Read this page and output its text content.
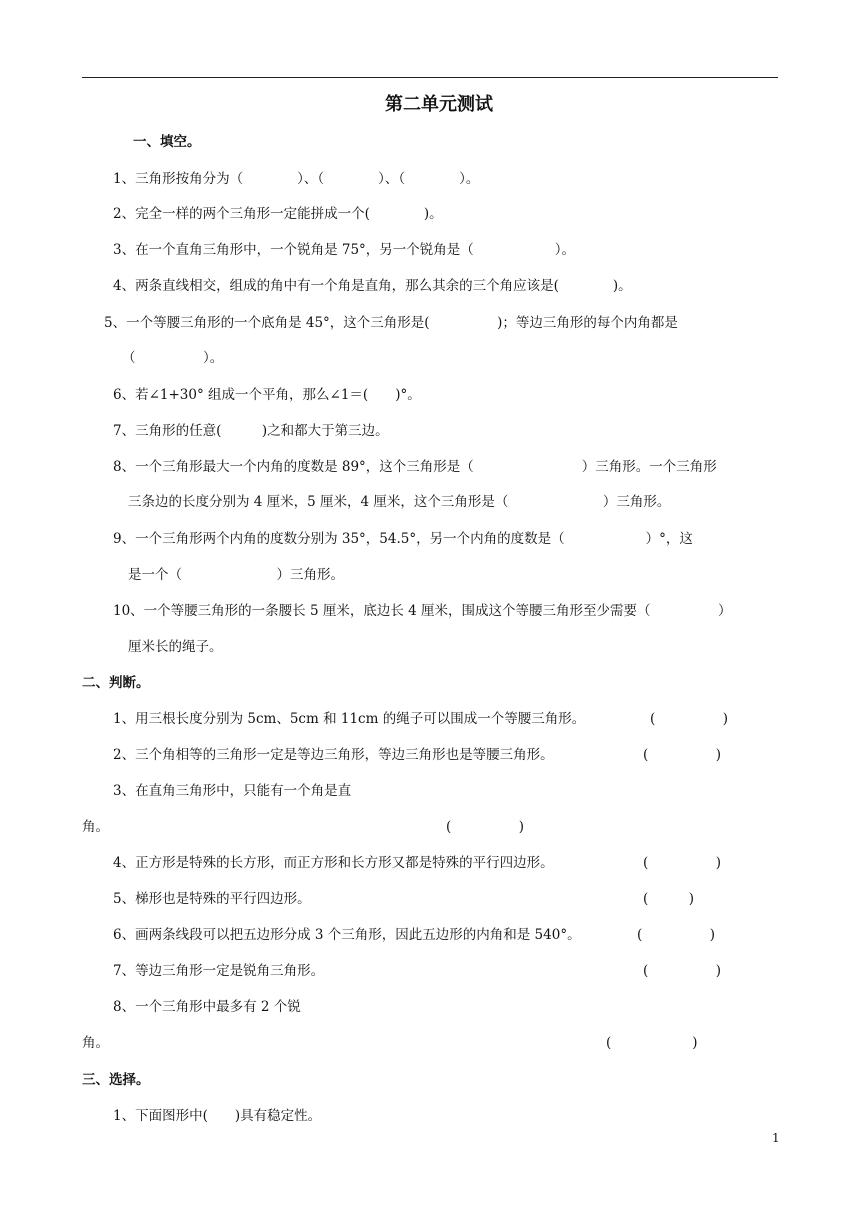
第二单元测试
一、填空。
1、三角形按角分为（　　　　）、（　　　　）、（　　　　）。
2、完全一样的两个三角形一定能拼成一个(　　　　)。
3、在一个直角三角形中，一个锐角是 75°，另一个锐角是（　　　　　　）。
4、两条直线相交，组成的角中有一个角是直角，那么其余的三个角应该是(　　　　)。
5、一个等腰三角形的一个底角是 45°，这个三角形是(　　　　　)；等边三角形的每个内角都是
（　　　　　）。
6、若∠1+30° 组成一个平角，那么∠1＝(　　)°。
7、三角形的任意(　　　)之和都大于第三边。
8、一个三角形最大一个内角的度数是 89°，这个三角形是（　　　　　　　　）三角形。一个三角形
三条边的长度分别为 4 厘米，5 厘米，4 厘米，这个三角形是（　　　　　　　）三角形。
9、一个三角形两个内角的度数分别为 35°，54.5°，另一个内角的度数是（　　　　　　）°，这
是一个（　　　　　　　）三角形。
10、一个等腰三角形的一条腰长 5 厘米，底边长 4 厘米，围成这个等腰三角形至少需要（　　　　　）
厘米长的绳子。
二、判断。
1、用三根长度分别为 5cm、5cm 和 11cm 的绳子可以围成一个等腰三角形。	(　　　　　)
2、三个角相等的三角形一定是等边三角形，等边三角形也是等腰三角形。	(　　　　　)
3、在直角三角形中，只能有一个角是直
角。	(　　　　　)
4、正方形是特殊的长方形，而正方形和长方形又都是特殊的平行四边形。	(　　　　　)
5、梯形也是特殊的平行四边形。	(　　　)
6、画两条线段可以把五边形分成 3 个三角形，因此五边形的内角和是 540°。	(　　　　　)
7、等边三角形一定是锐角三角形。	(　　　　　)
8、一个三角形中最多有 2 个锐
角。	(　　　　　　)
三、选择。
1、下面图形中(　　)具有稳定性。
1
